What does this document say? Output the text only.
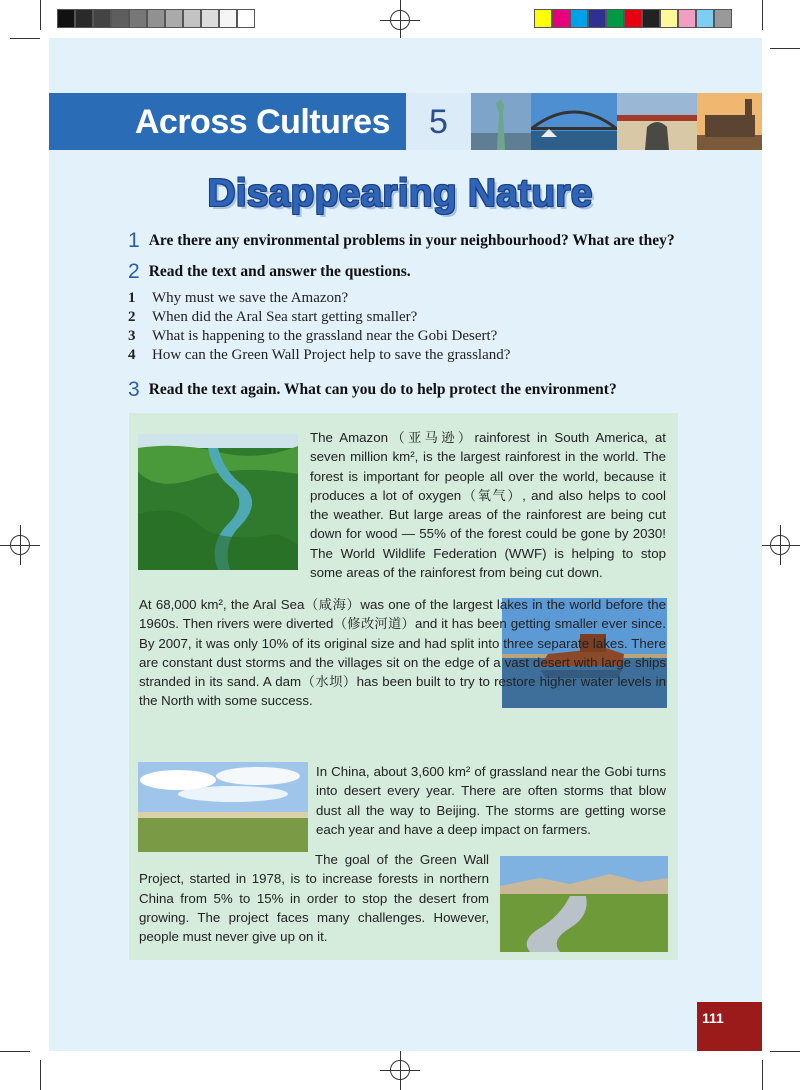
Across Cultures	5
Disappearing Nature
1 Are there any environmental problems in your neighbourhood? What are they?
2 Read the text and answer the questions.
1 Why must we save the Amazon?
2 When did the Aral Sea start getting smaller?
3 What is happening to the grassland near the Gobi Desert?
4 How can the Green Wall Project help to save the grassland?
3 Read the text again. What can you do to help protect the environment?

The Amazon（亚马逊）rainforest in South America, at seven million km², is the largest rainforest in the world. The forest is important for people all over the world, because it produces a lot of oxygen（氧气）, and also helps to cool the weather. But large areas of the rainforest are being cut down for wood — 55% of the forest could be gone by 2030! The World Wildlife Federation (WWF) is helping to stop some areas of the rainforest from being cut down.

At 68,000 km², the Aral Sea（咸海）was one of the largest lakes in the world before the 1960s. Then rivers were diverted（修改河道）and it has been getting smaller ever since. By 2007, it was only 10% of its original size and had split into three separate lakes. There are constant dust storms and the villages sit on the edge of a vast desert with large ships stranded in its sand. A dam（水坝）has been built to try to restore higher water levels in the North with some success.

In China, about 3,600 km² of grassland near the Gobi turns into desert every year. There are often storms that blow dust all the way to Beijing. The storms are getting worse each year and have a deep impact on farmers.

The goal of the Green Wall Project, started in 1978, is to increase forests in northern China from 5% to 15% in order to stop the desert from growing. The project faces many challenges. However, people must never give up on it.

111
